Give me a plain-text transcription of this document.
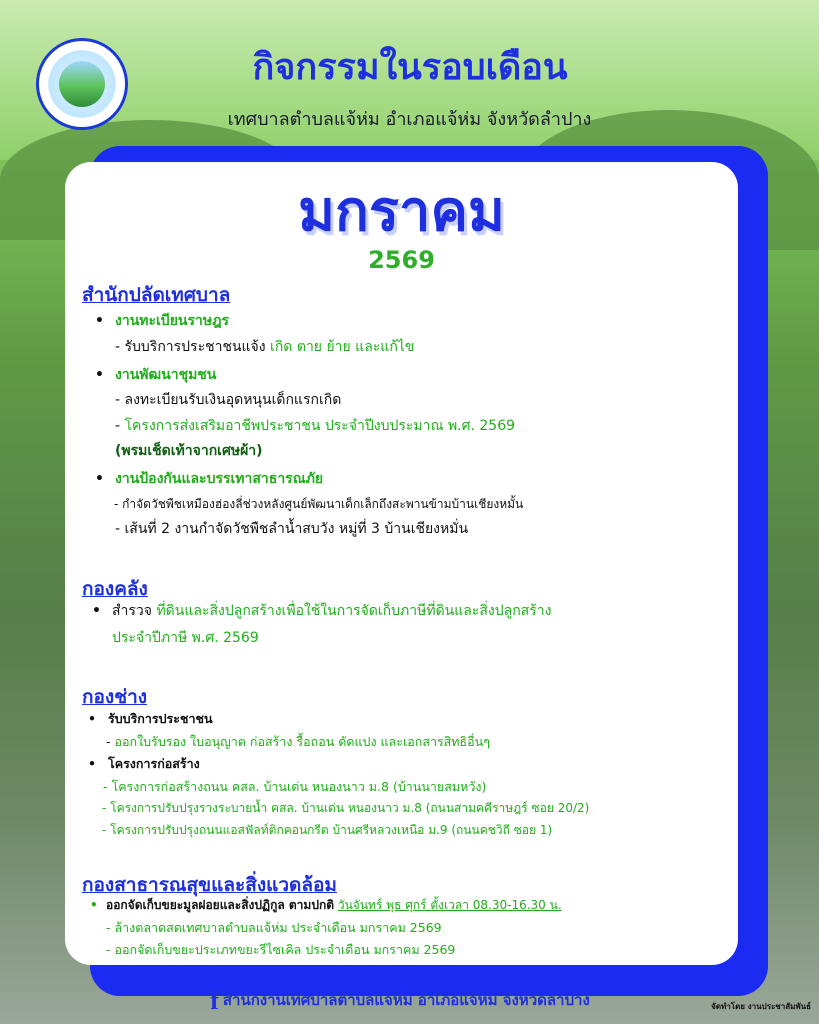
กิจกรรมในรอบเดือน
เทศบาลตำบลแจ้ห่ม อำเภอแจ้ห่ม จังหวัดลำปาง
มกราคม
2569
สำนักปลัดเทศบาล
• งานทะเบียนราษฎร
- รับบริการประชาชนแจ้ง เกิด ตาย ย้าย และแก้ไข
• งานพัฒนาชุมชน
- ลงทะเบียนรับเงินอุดหนุนเด็กแรกเกิด
- โครงการส่งเสริมอาชีพประชาชน ประจำปีงบประมาณ พ.ศ. 2569
(พรมเช็ดเท้าจากเศษผ้า)
• งานป้องกันและบรรเทาสาธารณภัย
- กำจัดวัชพืชเหมืองฮ่องลี่ช่วงหลังศูนย์พัฒนาเด็กเล็กถึงสะพานข้ามบ้านเชียงหมั้น
- เส้นที่ 2 งานกำจัดวัชพืชลำน้ำสบวัง หมู่ที่ 3 บ้านเชียงหมั่น
กองคลัง
• สำรวจ ที่ดินและสิ่งปลูกสร้างเพื่อใช้ในการจัดเก็บภาษีที่ดินและสิ่งปลูกสร้าง
ประจำปีภาษี พ.ศ. 2569
กองช่าง
• รับบริการประชาชน
- ออกใบรับรอง ใบอนุญาต ก่อสร้าง รื้อถอน ดัดแปง และเอกสารสิทธิอื่นๆ
• โครงการก่อสร้าง
- โครงการก่อสร้างถนน คสล. บ้านเด่น หนองนาว ม.8 (บ้านนายสมหวัง)
- โครงการปรับปรุงรางระบายน้ำ คสล. บ้านเด่น หนองนาว ม.8 (ถนนสามคคีราษฎร์ ซอย 20/2)
- โครงการปรับปรุงถนนแอสฟัลท์ติกคอนกรีต บ้านศรีหลวงเหนือ ม.9 (ถนนคชวิถี ซอย 1)
กองสาธารณสุขและสิ่งแวดล้อม
• ออกจัดเก็บขยะมูลฝอยและสิ่งปฏิกูล ตามปกติ วันจันทร์ พุธ ศุกร์ ตั้งเวลา 08.30-16.30 น.
- ล้างตลาดสดเทศบาลตำบลแจ้ห่ม ประจำเดือน มกราคม 2569
- ออกจัดเก็บขยะประเภทขยะรีไซเคิล ประจำเดือน มกราคม 2569
fสำนักงานเทศบาลตำบลแจ้ห่ม อำเภอแจ้ห่ม จังหวัดลำปาง	จัดทำโดย งานประชาสัมพันธ์
